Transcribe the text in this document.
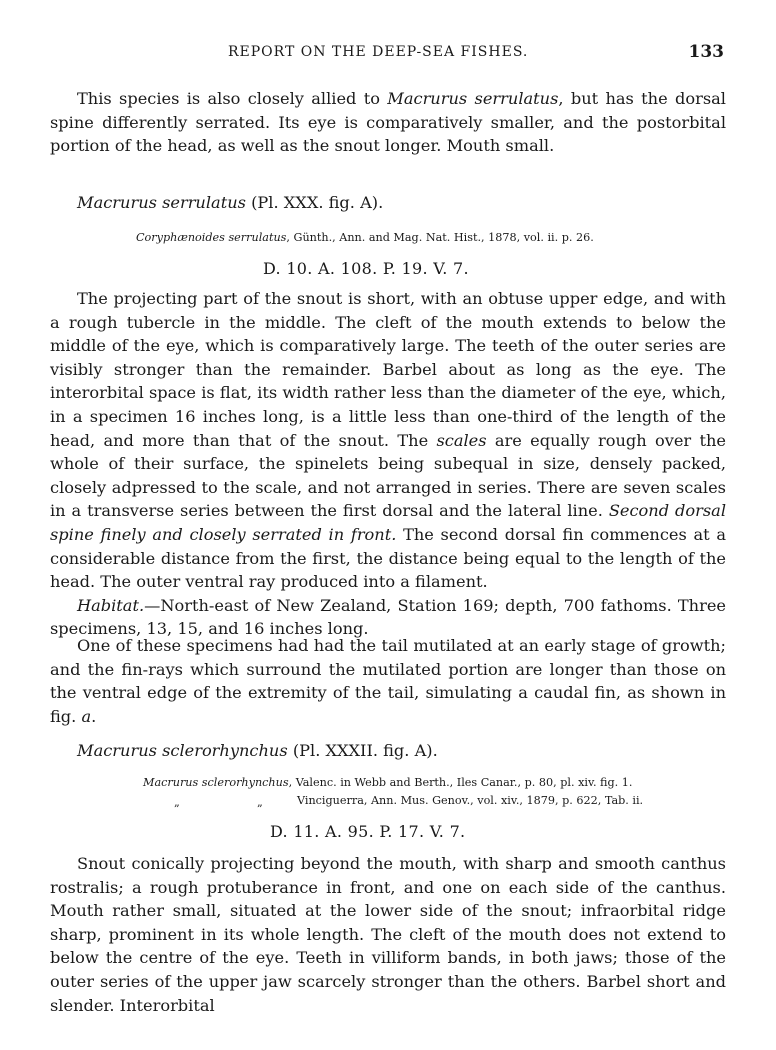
REPORT ON THE DEEP-SEA FISHES.	133

This species is also closely allied to Macrurus serrulatus, but has the dorsal spine differently serrated. Its eye is comparatively smaller, and the postorbital portion of the head, as well as the snout longer. Mouth small.

Macrurus serrulatus (Pl. XXX. fig. A).
Coryphænoides serrulatus, Günth., Ann. and Mag. Nat. Hist., 1878, vol. ii. p. 26.
D. 10. A. 108. P. 19. V. 7.

The projecting part of the snout is short, with an obtuse upper edge, and with a rough tubercle in the middle. The cleft of the mouth extends to below the middle of the eye, which is comparatively large. The teeth of the outer series are visibly stronger than the remainder. Barbel about as long as the eye. The interorbital space is flat, its width rather less than the diameter of the eye, which, in a specimen 16 inches long, is a little less than one-third of the length of the head, and more than that of the snout. The scales are equally rough over the whole of their surface, the spinelets being subequal in size, densely packed, closely adpressed to the scale, and not arranged in series. There are seven scales in a transverse series between the first dorsal and the lateral line. Second dorsal spine finely and closely serrated in front. The second dorsal fin commences at a considerable distance from the first, the distance being equal to the length of the head. The outer ventral ray produced into a filament.

Habitat.—North-east of New Zealand, Station 169; depth, 700 fathoms. Three specimens, 13, 15, and 16 inches long.

One of these specimens had had the tail mutilated at an early stage of growth; and the fin-rays which surround the mutilated portion are longer than those on the ventral edge of the extremity of the tail, simulating a caudal fin, as shown in fig. a.

Macrurus sclerorhynchus (Pl. XXXII. fig. A).
Macrurus sclerorhynchus, Valenc. in Webb and Berth., Iles Canar., p. 80, pl. xiv. fig. 1.
„	„	Vinciguerra, Ann. Mus. Genov., vol. xiv., 1879, p. 622, Tab. ii.
D. 11. A. 95. P. 17. V. 7.

Snout conically projecting beyond the mouth, with sharp and smooth canthus rostralis; a rough protuberance in front, and one on each side of the canthus. Mouth rather small, situated at the lower side of the snout; infraorbital ridge sharp, prominent in its whole length. The cleft of the mouth does not extend to below the centre of the eye. Teeth in villiform bands, in both jaws; those of the outer series of the upper jaw scarcely stronger than the others. Barbel short and slender. Interorbital
